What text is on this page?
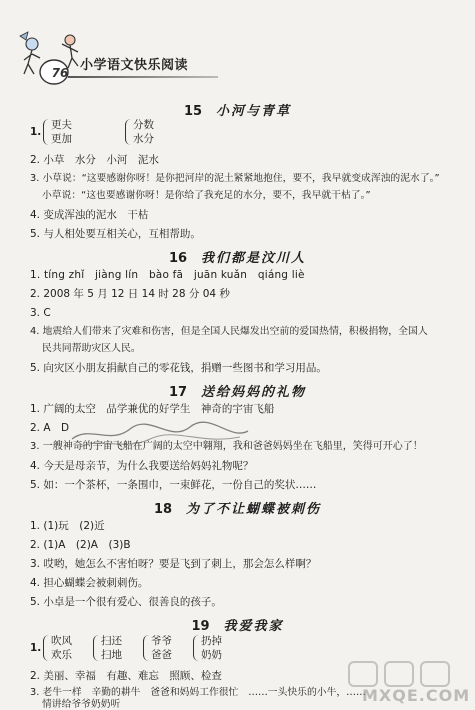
76 小学语文快乐阅读
15 小河与青草
1.
更夫
更加
分数
水分
2. 小草　水分　小河　泥水
3. 小草说：“这要感谢你呀！是你把河岸的泥土紧紧地抱住，要不，我早就变成浑浊的泥水了。”
小草说：“这也要感谢你呀！是你给了我充足的水分，要不，我早就干枯了。”
4. 变成浑浊的泥水　干枯
5. 与人相处要互相关心，互相帮助。
16 我们都是汶川人
1. tíng zhǐ　jiàng lín　bào fā　juān kuǎn　qiáng liè
2. 2008 年 5 月 12 日 14 时 28 分 04 秒
3. C
4. 地震给人们带来了灾难和伤害，但是全国人民爆发出空前的爱国热情，积极捐物，全国人
民共同帮助灾区人民。
5. 向灾区小朋友捐献自己的零花钱，捐赠一些图书和学习用品。
17 送给妈妈的礼物
1. 广阔的太空　品学兼优的好学生　神奇的宇宙飞船
2. A　D
3. 一艘神奇的宇宙飞船在广阔的太空中翱翔，我和爸爸妈妈坐在飞船里，笑得可开心了！
4. 今天是母亲节，为什么我要送给妈妈礼物呢？
5. 如：一个茶杯，一条围巾，一束鲜花，一份自己的奖状……
18 为了不让蝴蝶被刺伤
1. (1)玩　(2)近
2. (1)A　(2)A　(3)B
3. 哎哟，她怎么不害怕呀？要是飞到了刺上，那会怎么样啊？
4. 担心蝴蝶会被刺刺伤。
5. 小卓是一个很有爱心、很善良的孩子。
19 我爱我家
1.
吹风
欢乐
扫还
扫地
爷爷
爸爸
扔掉
奶奶
2. 美丽、幸福　有趣、难忘　照顾、检查
3. 老牛一样　辛勤的耕牛　爸爸和妈妈工作很忙　……一头快乐的小牛，……
情讲给爷爷奶奶听	MXQE.COM
